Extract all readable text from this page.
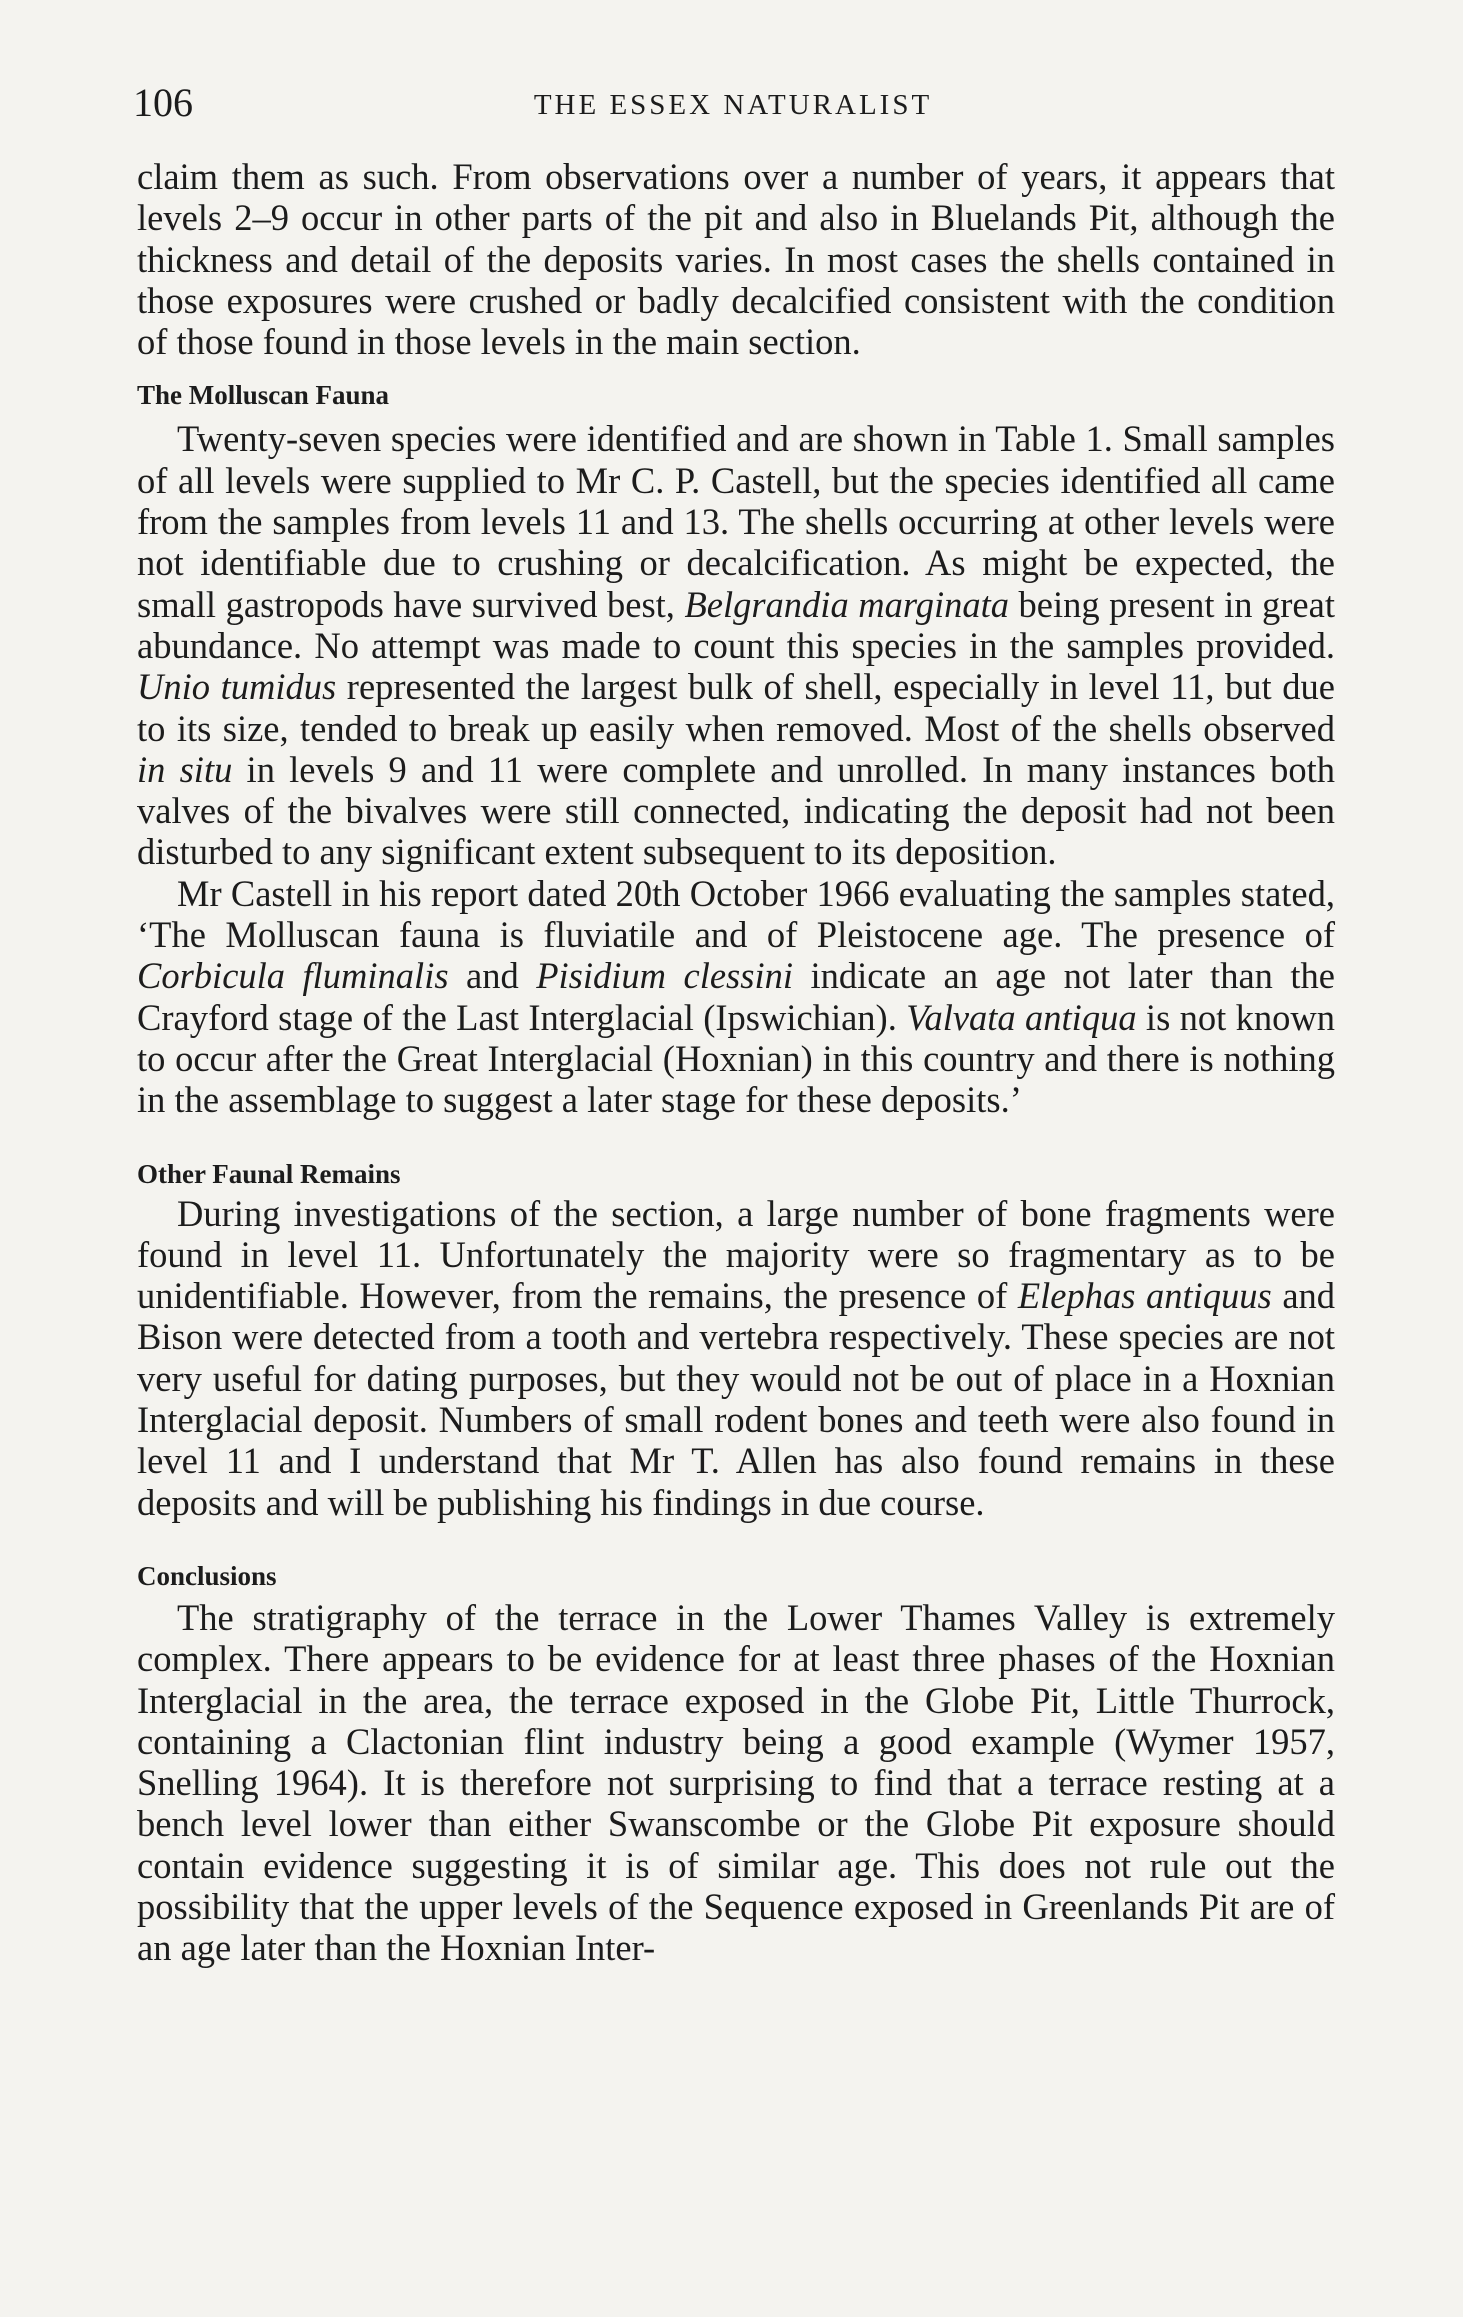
106	THE ESSEX NATURALIST

claim them as such. From observations over a number of years, it appears that levels 2–9 occur in other parts of the pit and also in Bluelands Pit, although the thickness and detail of the deposits varies. In most cases the shells contained in those exposures were crushed or badly decalcified consistent with the condition of those found in those levels in the main section.

The Molluscan Fauna

Twenty-seven species were identified and are shown in Table 1. Small samples of all levels were supplied to Mr C. P. Castell, but the species identified all came from the samples from levels 11 and 13. The shells occurring at other levels were not identifiable due to crushing or decalcification. As might be expected, the small gastropods have survived best, Belgrandia marginata being present in great abundance. No attempt was made to count this species in the samples provided. Unio tumidus represented the largest bulk of shell, especially in level 11, but due to its size, tended to break up easily when removed. Most of the shells observed in situ in levels 9 and 11 were complete and unrolled. In many instances both valves of the bivalves were still connected, indicating the deposit had not been disturbed to any significant extent subsequent to its deposition.

Mr Castell in his report dated 20th October 1966 evaluating the samples stated, ‘The Molluscan fauna is fluviatile and of Pleistocene age. The presence of Corbicula fluminalis and Pisidium clessini indicate an age not later than the Crayford stage of the Last Interglacial (Ipswichian). Valvata antiqua is not known to occur after the Great Interglacial (Hoxnian) in this country and there is nothing in the assemblage to suggest a later stage for these deposits.’

Other Faunal Remains

During investigations of the section, a large number of bone fragments were found in level 11. Unfortunately the majority were so fragmentary as to be unidentifiable. However, from the remains, the presence of Elephas antiquus and Bison were detected from a tooth and vertebra respectively. These species are not very useful for dating purposes, but they would not be out of place in a Hoxnian Interglacial deposit. Numbers of small rodent bones and teeth were also found in level 11 and I understand that Mr T. Allen has also found remains in these deposits and will be publishing his findings in due course.

Conclusions

The stratigraphy of the terrace in the Lower Thames Valley is extremely complex. There appears to be evidence for at least three phases of the Hoxnian Interglacial in the area, the terrace exposed in the Globe Pit, Little Thurrock, containing a Clactonian flint industry being a good example (Wymer 1957, Snelling 1964). It is therefore not surprising to find that a terrace resting at a bench level lower than either Swanscombe or the Globe Pit exposure should contain evidence suggesting it is of similar age. This does not rule out the possibility that the upper levels of the Sequence exposed in Greenlands Pit are of an age later than the Hoxnian Inter-
